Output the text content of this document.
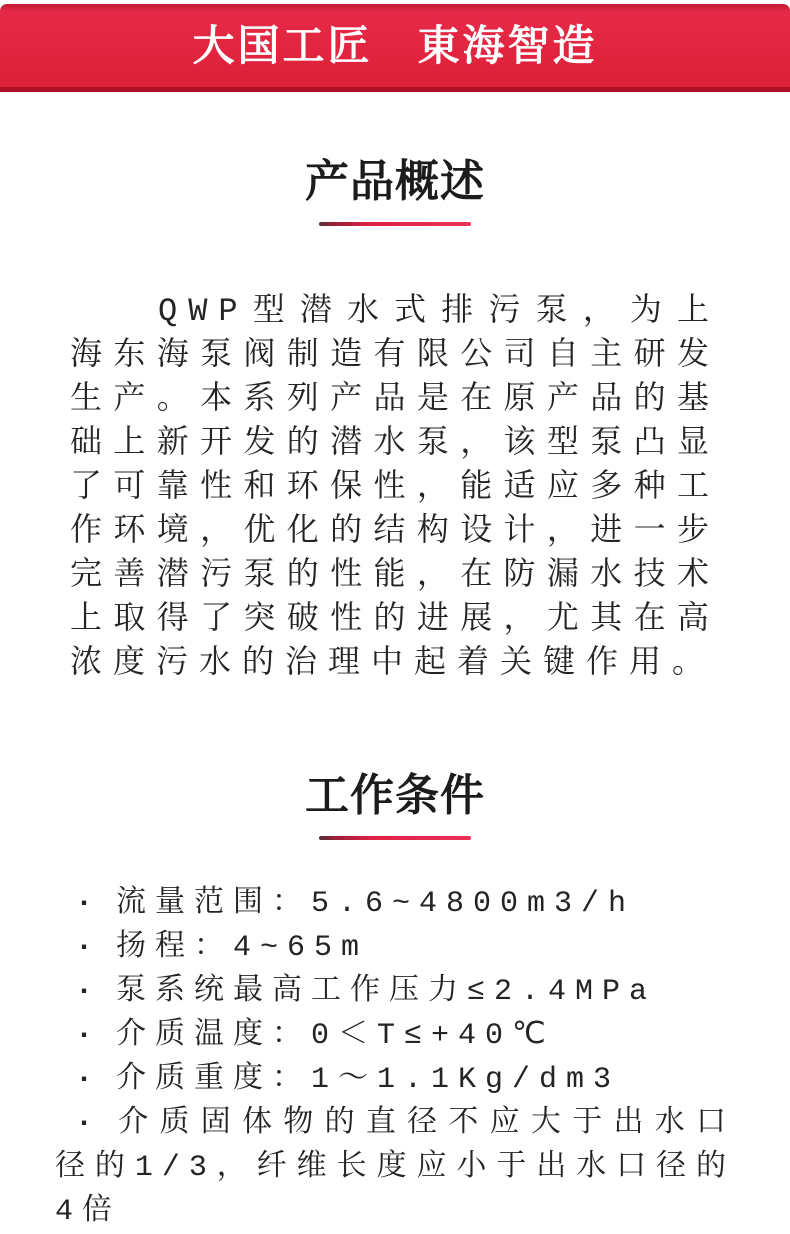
大国工匠　東海智造
产品概述

QWP型潜水式排污泵，为上海东海泵阀制造有限公司自主研发生产。本系列产品是在原产品的基础上新开发的潜水泵，该型泵凸显了可靠性和环保性，能适应多种工作环境，优化的结构设计，进一步完善潜污泵的性能，在防漏水技术上取得了突破性的进展，尤其在高浓度污水的治理中起着关键作用。

工作条件
· 流量范围：5.6~4800m3/h
· 扬程：4~65m
· 泵系统最高工作压力≤2.4MPa
· 介质温度：0＜T≤+40℃
· 介质重度：1～1.1Kg/dm3
· 介质固体物的直径不应大于出水口径的1/3，纤维长度应小于出水口径的4倍
